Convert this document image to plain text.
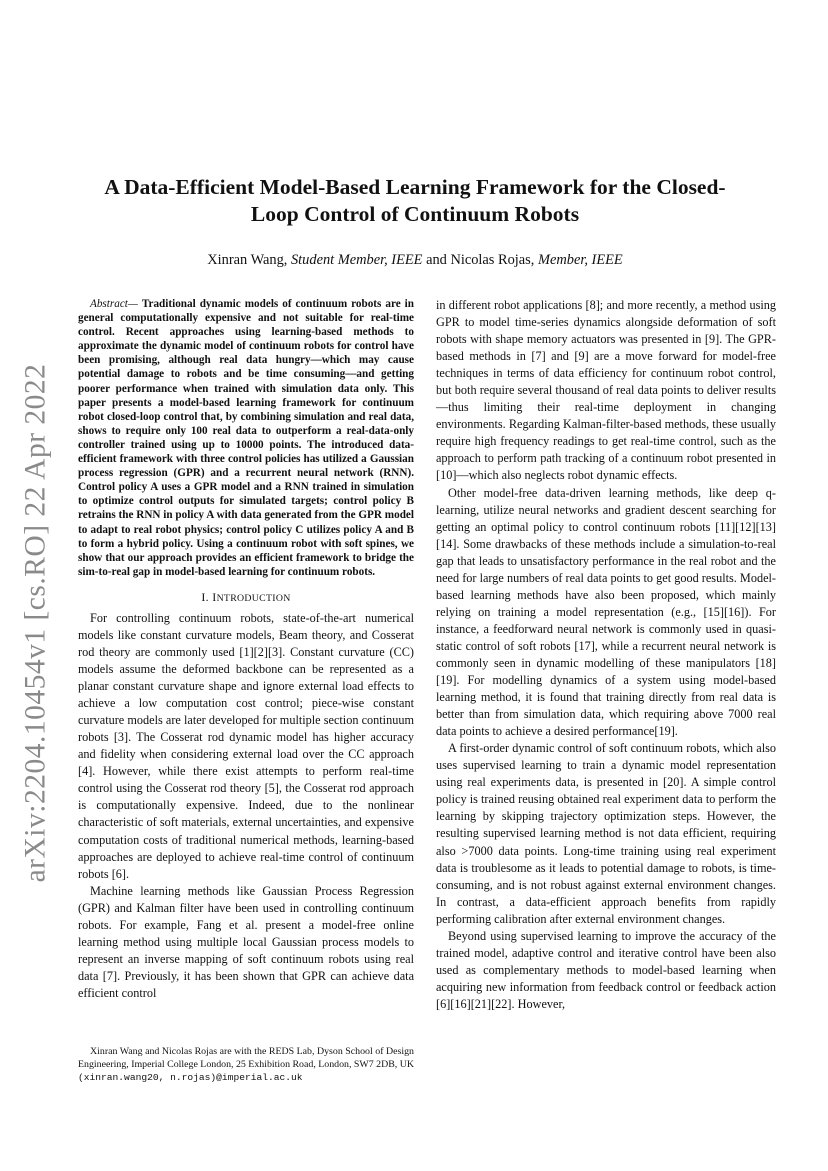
arXiv:2204.10454v1 [cs.RO] 22 Apr 2022
A Data-Efficient Model-Based Learning Framework for the Closed-Loop Control of Continuum Robots
Xinran Wang, Student Member, IEEE and Nicolas Rojas, Member, IEEE

Abstract— Traditional dynamic models of continuum robots are in general computationally expensive and not suitable for real-time control. Recent approaches using learning-based methods to approximate the dynamic model of continuum robots for control have been promising, although real data hungry—which may cause potential damage to robots and be time consuming—and getting poorer performance when trained with simulation data only. This paper presents a model-based learning framework for continuum robot closed-loop control that, by combining simulation and real data, shows to require only 100 real data to outperform a real-data-only controller trained using up to 10000 points. The introduced data-efficient framework with three control policies has utilized a Gaussian process regression (GPR) and a recurrent neural network (RNN). Control policy A uses a GPR model and a RNN trained in simulation to optimize control outputs for simulated targets; control policy B retrains the RNN in policy A with data generated from the GPR model to adapt to real robot physics; control policy C utilizes policy A and B to form a hybrid policy. Using a continuum robot with soft spines, we show that our approach provides an efficient framework to bridge the sim-to-real gap in model-based learning for continuum robots.

I. INTRODUCTION

For controlling continuum robots, state-of-the-art numerical models like constant curvature models, Beam theory, and Cosserat rod theory are commonly used [1][2][3]. Constant curvature (CC) models assume the deformed backbone can be represented as a planar constant curvature shape and ignore external load effects to achieve a low computation cost control; piece-wise constant curvature models are later developed for multiple section continuum robots [3]. The Cosserat rod dynamic model has higher accuracy and fidelity when considering external load over the CC approach [4]. However, while there exist attempts to perform real-time control using the Cosserat rod theory [5], the Cosserat rod approach is computationally expensive. Indeed, due to the nonlinear characteristic of soft materials, external uncertainties, and expensive computation costs of traditional numerical methods, learning-based approaches are deployed to achieve real-time control of continuum robots [6].

Machine learning methods like Gaussian Process Regression (GPR) and Kalman filter have been used in controlling continuum robots. For example, Fang et al. present a model-free online learning method using multiple local Gaussian process models to represent an inverse mapping of soft continuum robots using real data [7]. Previously, it has been shown that GPR can achieve data efficient control

in different robot applications [8]; and more recently, a method using GPR to model time-series dynamics alongside deformation of soft robots with shape memory actuators was presented in [9]. The GPR-based methods in [7] and [9] are a move forward for model-free techniques in terms of data efficiency for continuum robot control, but both require several thousand of real data points to deliver results—thus limiting their real-time deployment in changing environments. Regarding Kalman-filter-based methods, these usually require high frequency readings to get real-time control, such as the approach to perform path tracking of a continuum robot presented in [10]—which also neglects robot dynamic effects.

Other model-free data-driven learning methods, like deep q-learning, utilize neural networks and gradient descent searching for getting an optimal policy to control continuum robots [11][12][13][14]. Some drawbacks of these methods include a simulation-to-real gap that leads to unsatisfactory performance in the real robot and the need for large numbers of real data points to get good results. Model-based learning methods have also been proposed, which mainly relying on training a model representation (e.g., [15][16]). For instance, a feedforward neural network is commonly used in quasi-static control of soft robots [17], while a recurrent neural network is commonly seen in dynamic modelling of these manipulators [18][19]. For modelling dynamics of a system using model-based learning method, it is found that training directly from real data is better than from simulation data, which requiring above 7000 real data points to achieve a desired performance[19].

A first-order dynamic control of soft continuum robots, which also uses supervised learning to train a dynamic model representation using real experiments data, is presented in [20]. A simple control policy is trained reusing obtained real experiment data to perform the learning by skipping trajectory optimization steps. However, the resulting supervised learning method is not data efficient, requiring also >7000 data points. Long-time training using real experiment data is troublesome as it leads to potential damage to robots, is time-consuming, and is not robust against external environment changes. In contrast, a data-efficient approach benefits from rapidly performing calibration after external environment changes.

Beyond using supervised learning to improve the accuracy of the trained model, adaptive control and iterative control have been also used as complementary methods to model-based learning when acquiring new information from feedback control or feedback action [6][16][21][22]. However,

Xinran Wang and Nicolas Rojas are with the REDS Lab, Dyson School of Design Engineering, Imperial College London, 25 Exhibition Road, London, SW7 2DB, UK (xinran.wang20, n.rojas)@imperial.ac.uk
